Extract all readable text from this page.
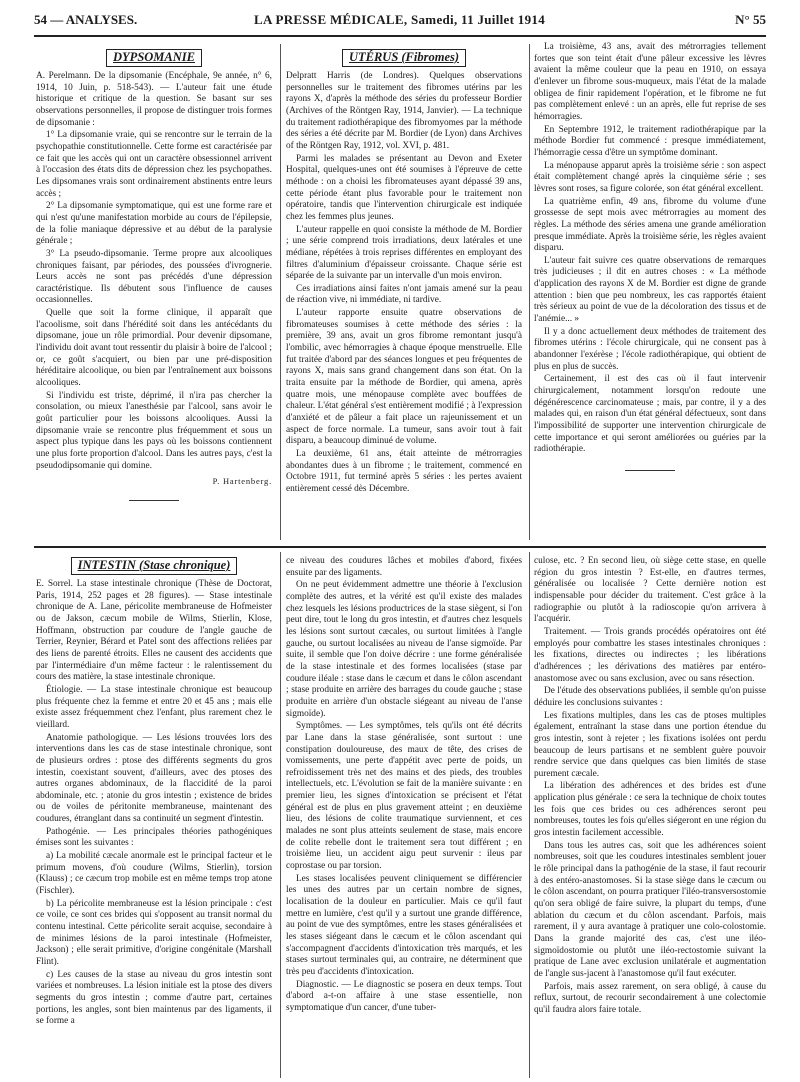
54 — ANALYSES.	LA PRESSE MÉDICALE, Samedi, 11 Juillet 1914	N° 55
DYPSOMANIE

A. Perelmann. De la dipsomanie (Encéphale, 9e année, n° 6, 1914, 10 Juin, p. 518-543). — L'auteur fait une étude historique et critique de la question. Se basant sur ses observations personnelles, il propose de distinguer trois formes de dipsomanie :

1° La dipsomanie vraie, qui se rencontre sur le terrain de la psychopathie constitutionnelle. Cette forme est caractérisée par ce fait que les accès qui ont un caractère obsessionnel arrivent à l'occasion des états dits de dépression chez les psychopathes. Les dipsomanes vrais sont ordinairement abstinents entre leurs accès ;

2° La dipsomanie symptomatique, qui est une forme rare et qui n'est qu'une manifestation morbide au cours de l'épilepsie, de la folie maniaque dépressive et au début de la paralysie générale ;

3° La pseudo-dipsomanie. Terme propre aux alcooliques chroniques faisant, par périodes, des poussées d'ivrognerie. Leurs accès ne sont pas précédés d'une dépression caractéristique. Ils débutent sous l'influence de causes occasionnelles.

Quelle que soit la forme clinique, il apparaît que l'acoolisme, soit dans l'hérédité soit dans les antécédants du dipsomane, joue un rôle primordial. Pour devenir dipsomane, l'individu doit avant tout ressentir du plaisir à boire de l'alcool ; or, ce goût s'acquiert, ou bien par une pré-disposition héréditaire alcoolique, ou bien par l'entraînement aux boissons alcooliques.

Si l'individu est triste, déprimé, il n'ira pas chercher la consolation, ou mieux l'anesthésie par l'alcool, sans avoir le goût particulier pour les boissons alcooliques. Aussi la dipsomanie vraie se rencontre plus fréquemment et sous un aspect plus typique dans les pays où les boissons contiennent une plus forte proportion d'alcool. Dans les autres pays, c'est la pseudodipsomanie qui domine.

P. Hartenberg.
UTÉRUS (Fibromes)

Delpratt Harris (de Londres). Quelques observations personnelles sur le traitement des fibromes utérins par les rayons X, d'après la méthode des séries du professeur Bordier (Archives of the Röntgen Ray, 1914, Janvier). — La technique du traitement radiothérapique des fibromyomes par la méthode des séries a été décrite par M. Bordier (de Lyon) dans Archives of the Röntgen Ray, 1912, vol. XVI, p. 481.

Parmi les malades se présentant au Devon and Exeter Hospital, quelques-unes ont été soumises à l'épreuve de cette méthode : on a choisi les fibromateuses ayant dépassé 39 ans, cette période étant plus favorable pour le traitement non opératoire, tandis que l'intervention chirurgicale est indiquée chez les femmes plus jeunes.

L'auteur rappelle en quoi consiste la méthode de M. Bordier ; une série comprend trois irradiations, deux latérales et une médiane, répétées à trois reprises différentes en employant des filtres d'aluminium d'épaisseur croissante. Chaque série est séparée de la suivante par un intervalle d'un mois environ.

Ces irradiations ainsi faites n'ont jamais amené sur la peau de réaction vive, ni immédiate, ni tardive.

L'auteur rapporte ensuite quatre observations de fibromateuses soumises à cette méthode des séries : la première, 39 ans, avait un gros fibrome remontant jusqu'à l'ombilic, avec hémorragies à chaque époque menstruelle. Elle fut traitée d'abord par des séances longues et peu fréquentes de rayons X, mais sans grand changement dans son état. On la traita ensuite par la méthode de Bordier, qui amena, après quatre mois, une ménopause complète avec bouffées de chaleur. L'état général s'est entièrement modifié ; à l'expression d'anxiété et de pâleur a fait place un rajeunissement et un aspect de force normale. La tumeur, sans avoir tout à fait disparu, a beaucoup diminué de volume.

La deuxième, 61 ans, était atteinte de métrorragies abondantes dues à un fibrome ; le traitement, commencé en Octobre 1911, fut terminé après 5 séries : les pertes avaient entièrement cessé dès Décembre.

La troisième, 43 ans, avait des métrorragies tellement fortes que son teint était d'une pâleur excessive les lèvres avaient la même couleur que la peau en 1910, on essaya d'enlever un fibrome sous-muqueux, mais l'état de la malade obligea de finir rapidement l'opération, et le fibrome ne fut pas complètement enlevé : un an après, elle fut reprise de ses hémorragies.

En Septembre 1912, le traitement radiothérapique par la méthode Bordier fut commencé : presque immédiatement, l'hémorragie cessa d'être un symptôme dominant.

La ménopause apparut après la troisième série : son aspect était complètement changé après la cinquième série ; ses lèvres sont roses, sa figure colorée, son état général excellent.

La quatrième enfin, 49 ans, fibrome du volume d'une grossesse de sept mois avec métrorragies au moment des règles. La méthode des séries amena une grande amélioration presque immédiate. Après la troisième série, les règles avaient disparu.

L'auteur fait suivre ces quatre observations de remarques très judicieuses ; il dit en autres choses : « La méthode d'application des rayons X de M. Bordier est digne de grande attention : bien que peu nombreux, les cas rapportés étaient très sérieux au point de vue de la décoloration des tissus et de l'anémie... »

Il y a donc actuellement deux méthodes de traitement des fibromes utérins : l'école chirurgicale, qui ne consent pas à abandonner l'exérèse ; l'école radiothérapique, qui obtient de plus en plus de succès.

Certainement, il est des cas où il faut intervenir chirurgicalement, notamment lorsqu'on redoute une dégénérescence carcinomateuse ; mais, par contre, il y a des malades qui, en raison d'un état général défectueux, sont dans l'impossibilité de supporter une intervention chirurgicale de cette importance et qui seront améliorées ou guéries par la radiothérapie.

INTESTIN (Stase chronique)

E. Sorrel. La stase intestinale chronique (Thèse de Doctorat, Paris, 1914, 252 pages et 28 figures). — Stase intestinale chronique de A. Lane, péricolite membraneuse de Hofmeister ou de Jakson, cæcum mobile de Wilms, Stierlin, Klose, Hoffmann, obstruction par coudure de l'angle gauche de Terrier, Reynier, Bérard et Patel sont des affections reliées par des liens de parenté étroits. Elles ne causent des accidents que par l'intermédiaire d'un même facteur : le ralentissement du cours des matière, la stase intestinale chronique.

Étiologie. — La stase intestinale chronique est beaucoup plus fréquente chez la femme et entre 20 et 45 ans ; mais elle existe assez fréquemment chez l'enfant, plus rarement chez le vieillard.

Anatomie pathologique. — Les lésions trouvées lors des interventions dans les cas de stase intestinale chronique, sont de plusieurs ordres : ptose des différents segments du gros intestin, coexistant souvent, d'ailleurs, avec des ptoses des autres organes abdominaux, de la flaccidité de la paroi abdominale, etc. ; atonie du gros intestin ; existence de brides ou de voiles de péritonite membraneuse, maintenant des coudures, étranglant dans sa continuité un segment d'intestin.

Pathogénie. — Les principales théories pathogéniques émises sont les suivantes :

a) La mobilité cæcale anormale est le principal facteur et le primum movens, d'où coudure (Wilms, Stierlin), torsion (Klauss) ; ce cæcum trop mobile est en même temps trop atone (Fischler).

b) La péricolite membraneuse est la lésion principale : c'est ce voile, ce sont ces brides qui s'opposent au transit normal du contenu intestinal. Cette péricolite serait acquise, secondaire à de minimes lésions de la paroi intestinale (Hofmeister, Jackson) ; elle serait primitive, d'origine congénitale (Marshall Flint).

c) Les causes de la stase au niveau du gros intestin sont variées et nombreuses. La lésion initiale est la ptose des divers segments du gros intestin ; comme d'autre part, certaines portions, les angles, sont bien maintenus par des ligaments, il se forme a

ce niveau des coudures lâches et mobiles d'abord, fixées ensuite par des ligaments.

On ne peut évidemment admettre une théorie à l'exclusion complète des autres, et la vérité est qu'il existe des malades chez lesquels les lésions productrices de la stase siègent, si l'on peut dire, tout le long du gros intestin, et d'autres chez lesquels les lésions sont surtout cæcales, ou surtout limitées à l'angle gauche, ou surtout localisées au niveau de l'anse sigmoïde. Par suite, il semble que l'on doive décrire : une forme généralisée de la stase intestinale et des formes localisées (stase par coudure iléale : stase dans le cæcum et dans le côlon ascendant ; stase produite en arrière des barrages du coude gauche ; stase produite en arrière d'un obstacle siégeant au niveau de l'anse sigmoïde).

Symptômes. — Les symptômes, tels qu'ils ont été décrits par Lane dans la stase généralisée, sont surtout : une constipation douloureuse, des maux de tête, des crises de vomissements, une perte d'appétit avec perte de poids, un refroidissement très net des mains et des pieds, des troubles intellectuels, etc. L'évolution se fait de la manière suivante : en premier lieu, les signes d'intoxication se précisent et l'état général est de plus en plus gravement atteint ; en deuxième lieu, des lésions de colite traumatique surviennent, et ces malades ne sont plus atteints seulement de stase, mais encore de colite rebelle dont le traitement sera tout différent ; en troisième lieu, un accident aigu peut survenir : ileus par coprostase ou par torsion.

Les stases localisées peuvent cliniquement se différencier les unes des autres par un certain nombre de signes, localisation de la douleur en particulier. Mais ce qu'il faut mettre en lumière, c'est qu'il y a surtout une grande différence, au point de vue des symptômes, entre les stases généralisées et les stases siégeant dans le cæcum et le côlon ascendant qui s'accompagnent d'accidents d'intoxication très marqués, et les stases surtout terminales qui, au contraire, ne déterminent que très peu d'accidents d'intoxication.

Diagnostic. — Le diagnostic se posera en deux temps. Tout d'abord a-t-on affaire à une stase essentielle, non symptomatique d'un cancer, d'une tuber-

culose, etc. ? En second lieu, où siège cette stase, en quelle région du gros intestin ? Est-elle, en d'autres termes, généralisée ou localisée ? Cette dernière notion est indispensable pour décider du traitement. C'est grâce à la radiographie ou plutôt à la radioscopie qu'on arrivera à l'acquérir.

Traitement. — Trois grands procédés opératoires ont été employés pour combattre les stases intestinales chroniques : les fixations, directes ou indirectes ; les libérations d'adhérences ; les dérivations des matières par entéro-anastomose avec ou sans exclusion, avec ou sans résection.

De l'étude des observations publiées, il semble qu'on puisse déduire les conclusions suivantes :

Les fixations multiples, dans les cas de ptoses multiples également, entraînant la stase dans une portion étendue du gros intestin, sont à rejeter ; les fixations isolées ont perdu beaucoup de leurs partisans et ne semblent guère pouvoir rendre service que dans quelques cas bien limités de stase purement cæcale.

La libération des adhérences et des brides est d'une application plus générale : ce sera la technique de choix toutes les fois que ces brides ou ces adhérences seront peu nombreuses, toutes les fois qu'elles siégeront en une région du gros intestin facilement accessible.

Dans tous les autres cas, soit que les adhérences soient nombreuses, soit que les coudures intestinales semblent jouer le rôle principal dans la pathogénie de la stase, il faut recourir à des entéro-anastomoses. Si la stase siège dans le cæcum ou le côlon ascendant, on pourra pratiquer l'iléo-transversostomie qu'on sera obligé de faire suivre, la plupart du temps, d'une ablation du cæcum et du côlon ascendant. Parfois, mais rarement, il y aura avantage à pratiquer une colo-colostomie. Dans la grande majorité des cas, c'est une iléo-sigmoïdostomie ou plutôt une iléo-rectostomie suivant la pratique de Lane avec exclusion unilatérale et augmentation de l'angle sus-jacent à l'anastomose qu'il faut exécuter.

Parfois, mais assez rarement, on sera obligé, à cause du reflux, surtout, de recourir secondairement à une colectomie qu'il faudra alors faire totale.
